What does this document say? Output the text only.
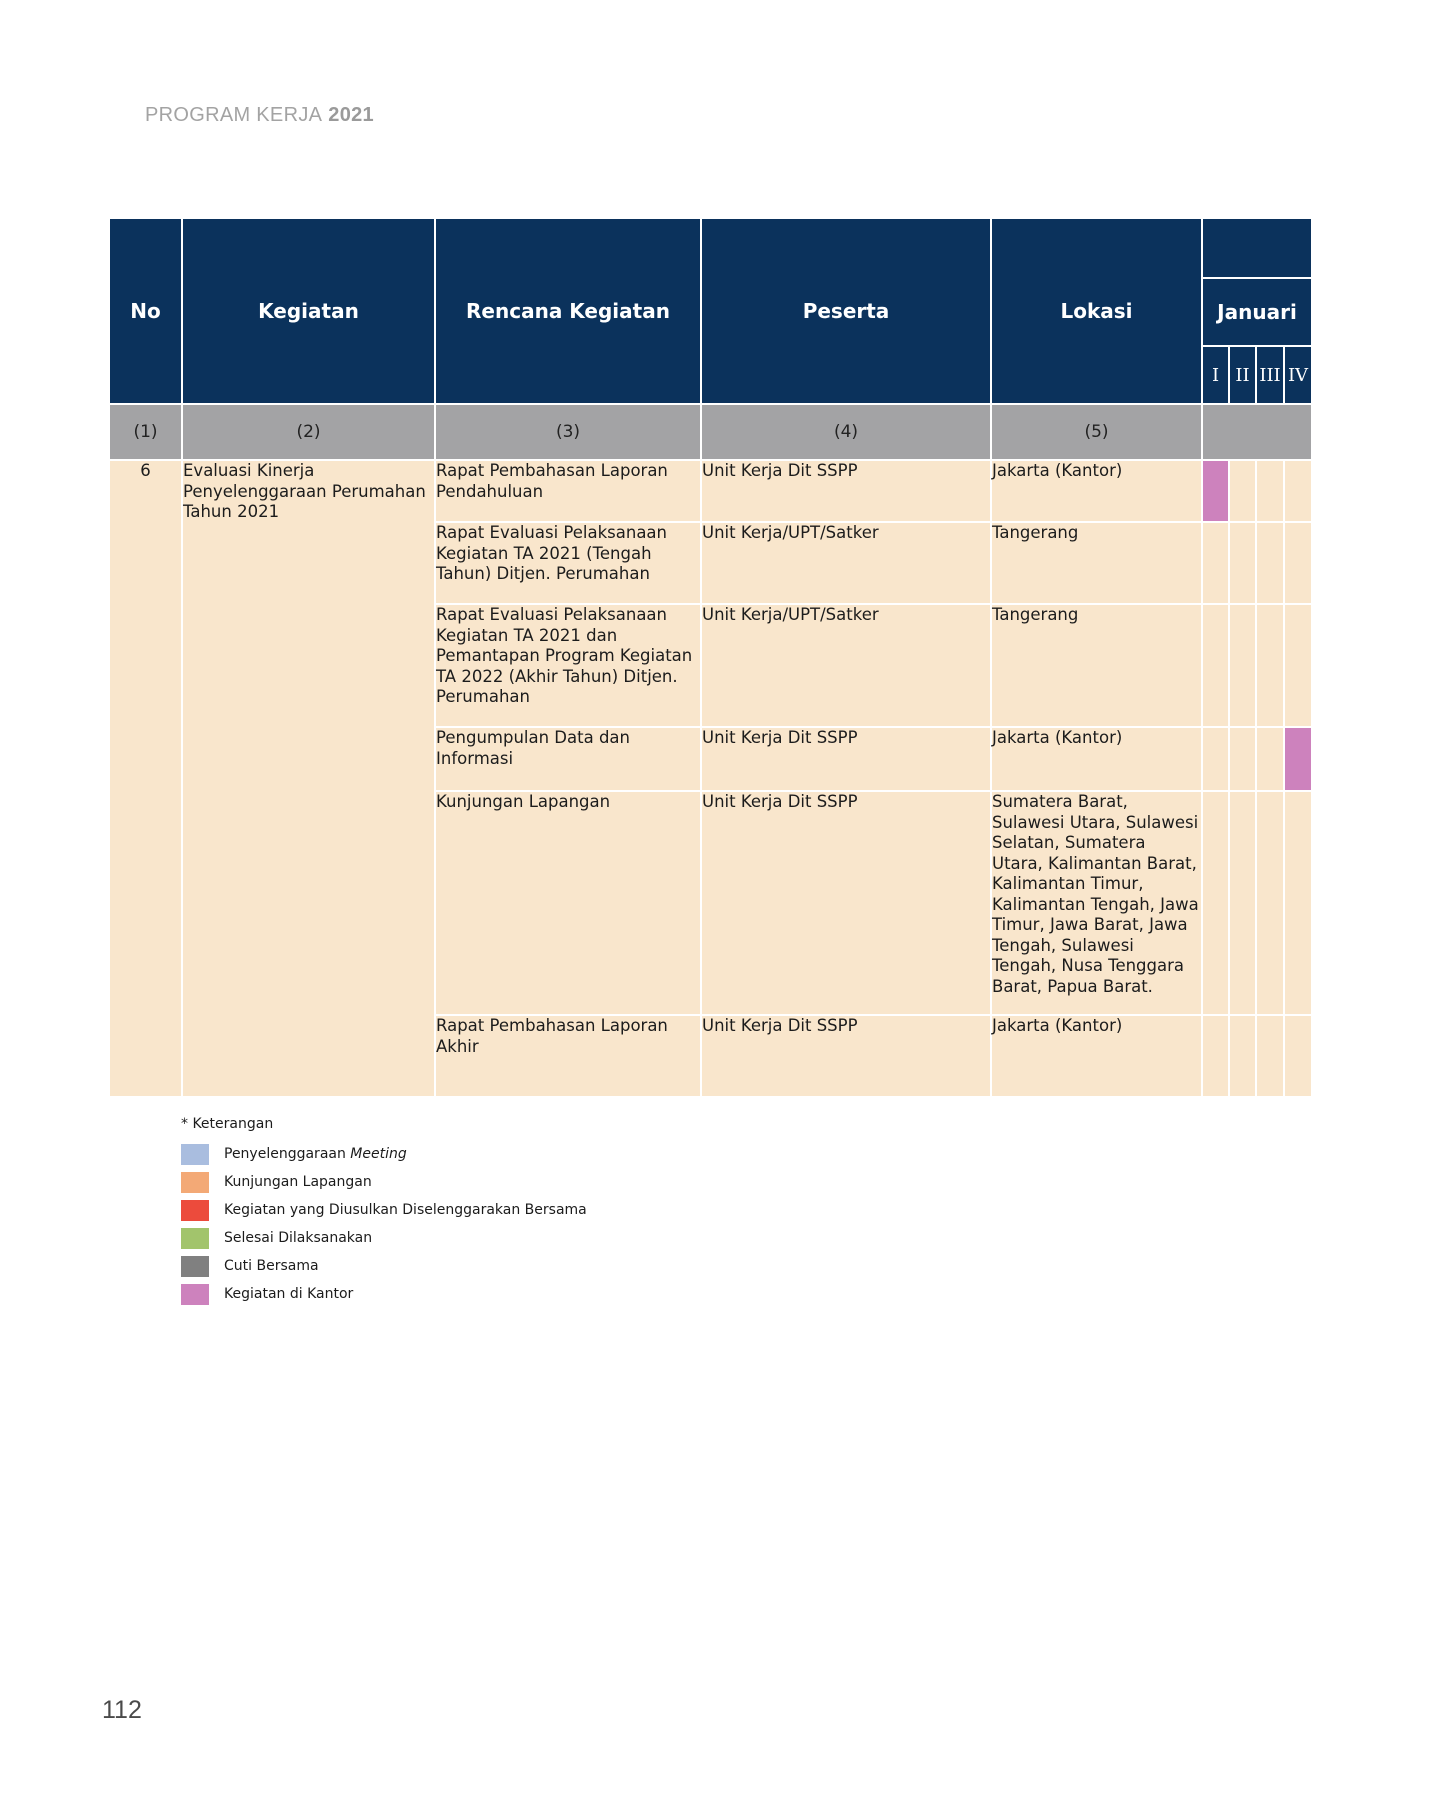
PROGRAM KERJA 2021
No	Kegiatan	Rencana Kegiatan	Peserta	Lokasi				
					Januari			
					I	II	III	IV
(1)	(2)	(3)	(4)	(5)				
6	Evaluasi Kinerja Penyelenggaraan Perumahan Tahun 2021	Rapat Pembahasan Laporan Pendahuluan	Unit Kerja Dit SSPP	Jakarta (Kantor)				
		Rapat Evaluasi Pelaksanaan Kegiatan TA 2021 (Tengah Tahun) Ditjen. Perumahan	Unit Kerja/UPT/Satker	Tangerang				
		Rapat Evaluasi Pelaksanaan Kegiatan TA 2021 dan Pemantapan Program Kegiatan TA 2022 (Akhir Tahun) Ditjen. Perumahan	Unit Kerja/UPT/Satker	Tangerang				
		Pengumpulan Data dan Informasi	Unit Kerja Dit SSPP	Jakarta (Kantor)				
		Kunjungan Lapangan	Unit Kerja Dit SSPP	Sumatera Barat, Sulawesi Utara, Sulawesi Selatan, Sumatera Utara, Kalimantan Barat, Kalimantan Timur, Kalimantan Tengah, Jawa Timur, Jawa Barat, Jawa Tengah, Sulawesi Tengah, Nusa Tenggara Barat, Papua Barat.				
		Rapat Pembahasan Laporan Akhir	Unit Kerja Dit SSPP	Jakarta (Kantor)				
* Keterangan
Penyelenggaraan Meeting
Kunjungan Lapangan
Kegiatan yang Diusulkan Diselenggarakan Bersama
Selesai Dilaksanakan
Cuti Bersama
Kegiatan di Kantor
112
